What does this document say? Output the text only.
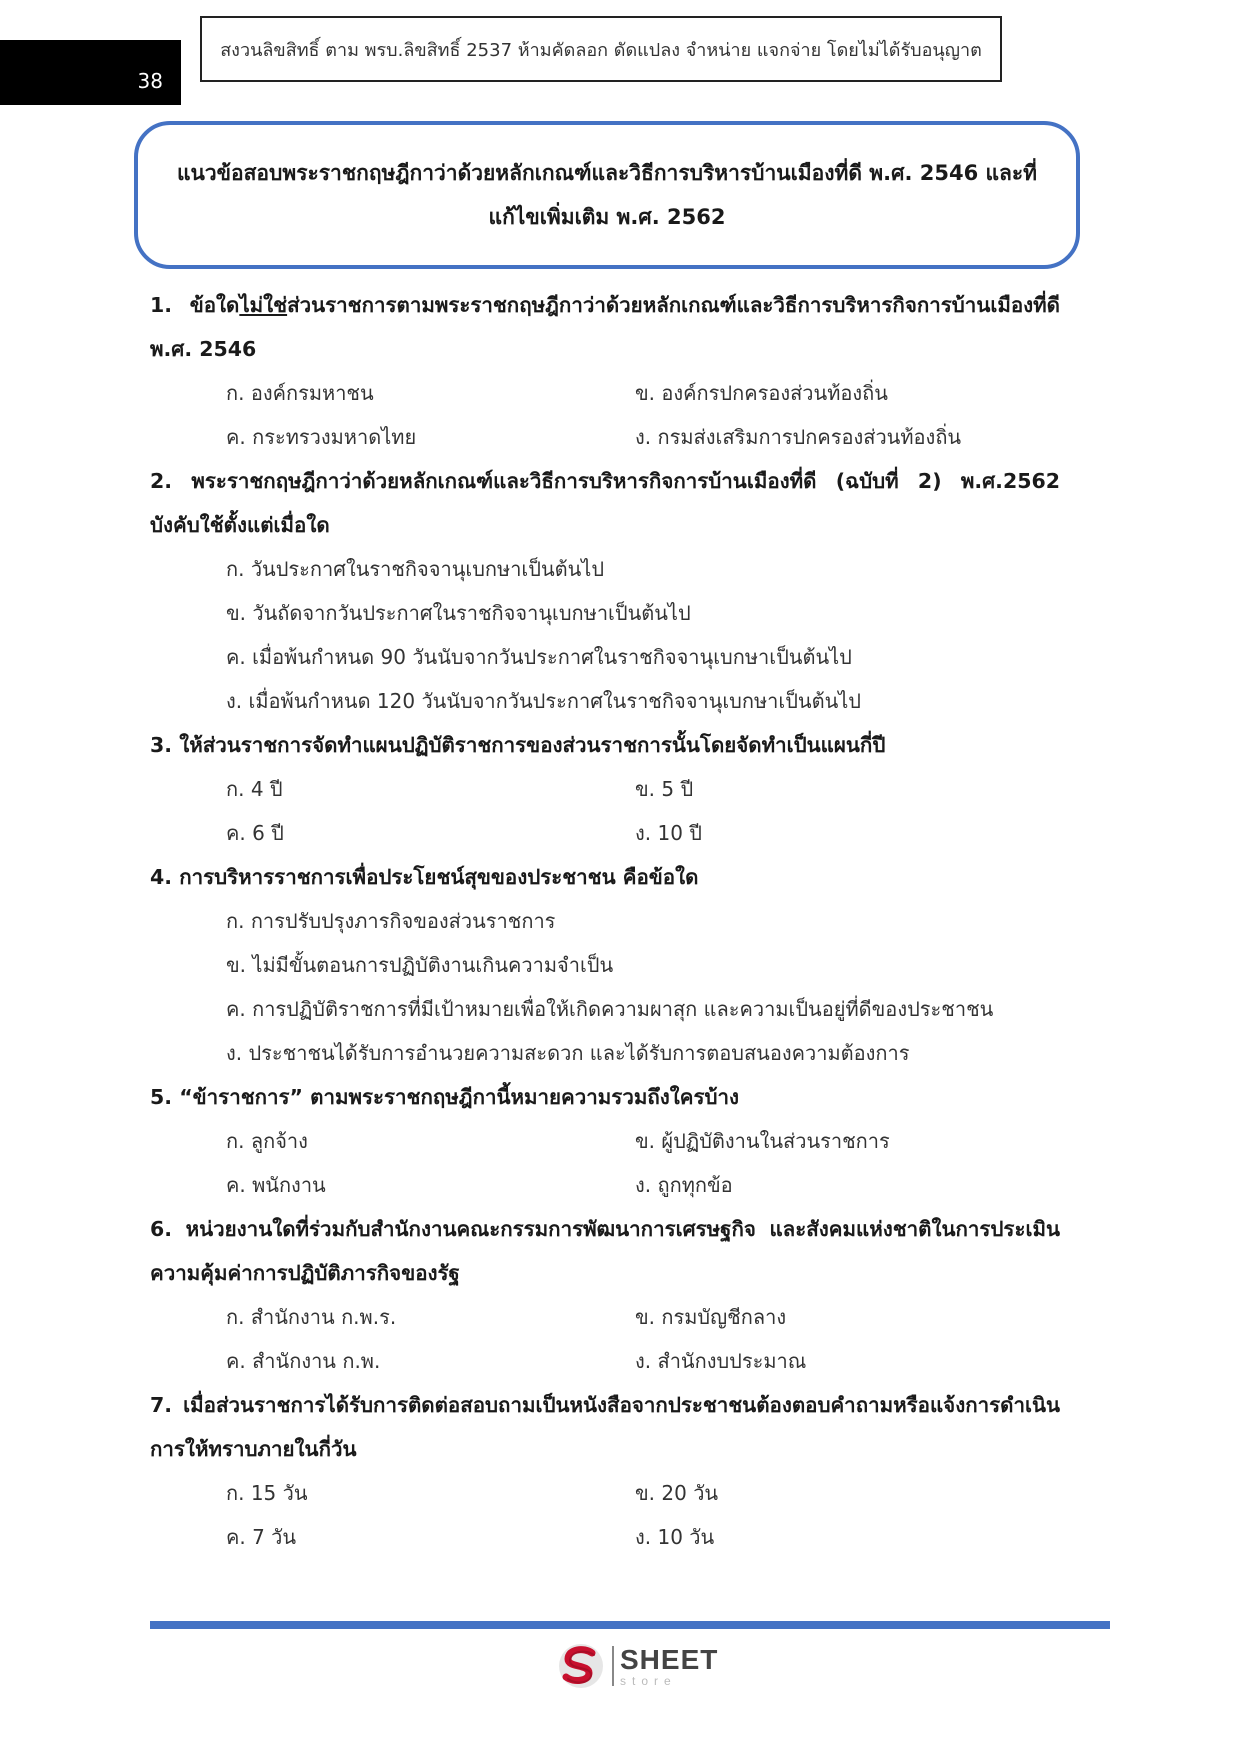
38
สงวนลิขสิทธิ์ ตาม พรบ.ลิขสิทธิ์ 2537 ห้ามคัดลอก ดัดแปลง จำหน่าย แจกจ่าย โดยไม่ได้รับอนุญาต
แนวข้อสอบพระราชกฤษฎีกาว่าด้วยหลักเกณฑ์และวิธีการบริหารบ้านเมืองที่ดี พ.ศ. 2546 และที่
แก้ไขเพิ่มเติม พ.ศ. 2562
1. ข้อใดไม่ใช่ส่วนราชการตามพระราชกฤษฎีกาว่าด้วยหลักเกณฑ์และวิธีการบริหารกิจการบ้านเมืองที่ดี พ.ศ. 2546
ก. องค์กรมหาชน	ข. องค์กรปกครองส่วนท้องถิ่น
ค. กระทรวงมหาดไทย	ง. กรมส่งเสริมการปกครองส่วนท้องถิ่น
2. พระราชกฤษฎีกาว่าด้วยหลักเกณฑ์และวิธีการบริหารกิจการบ้านเมืองที่ดี (ฉบับที่ 2) พ.ศ.2562 บังคับใช้ตั้งแต่เมื่อใด
ก. วันประกาศในราชกิจจานุเบกษาเป็นต้นไป
ข. วันถัดจากวันประกาศในราชกิจจานุเบกษาเป็นต้นไป
ค. เมื่อพ้นกำหนด 90 วันนับจากวันประกาศในราชกิจจานุเบกษาเป็นต้นไป
ง. เมื่อพ้นกำหนด 120 วันนับจากวันประกาศในราชกิจจานุเบกษาเป็นต้นไป
3. ให้ส่วนราชการจัดทำแผนปฏิบัติราชการของส่วนราชการนั้นโดยจัดทำเป็นแผนกี่ปี
ก. 4 ปี	ข. 5 ปี
ค. 6 ปี	ง. 10 ปี
4. การบริหารราชการเพื่อประโยชน์สุขของประชาชน คือข้อใด
ก. การปรับปรุงภารกิจของส่วนราชการ
ข. ไม่มีขั้นตอนการปฏิบัติงานเกินความจำเป็น
ค. การปฏิบัติราชการที่มีเป้าหมายเพื่อให้เกิดความผาสุก และความเป็นอยู่ที่ดีของประชาชน
ง. ประชาชนได้รับการอำนวยความสะดวก และได้รับการตอบสนองความต้องการ
5. “ข้าราชการ” ตามพระราชกฤษฎีกานี้หมายความรวมถึงใครบ้าง
ก. ลูกจ้าง	ข. ผู้ปฏิบัติงานในส่วนราชการ
ค. พนักงาน	ง. ถูกทุกข้อ
6. หน่วยงานใดที่ร่วมกับสำนักงานคณะกรรมการพัฒนาการเศรษฐกิจ และสังคมแห่งชาติในการประเมินความคุ้มค่าการปฏิบัติภารกิจของรัฐ
ก. สำนักงาน ก.พ.ร.	ข. กรมบัญชีกลาง
ค. สำนักงาน ก.พ.	ง. สำนักงบประมาณ
7. เมื่อส่วนราชการได้รับการติดต่อสอบถามเป็นหนังสือจากประชาชนต้องตอบคำถามหรือแจ้งการดำเนินการให้ทราบภายในกี่วัน
ก. 15 วัน	ข. 20 วัน
ค. 7 วัน	ง. 10 วัน
SHEET
store
